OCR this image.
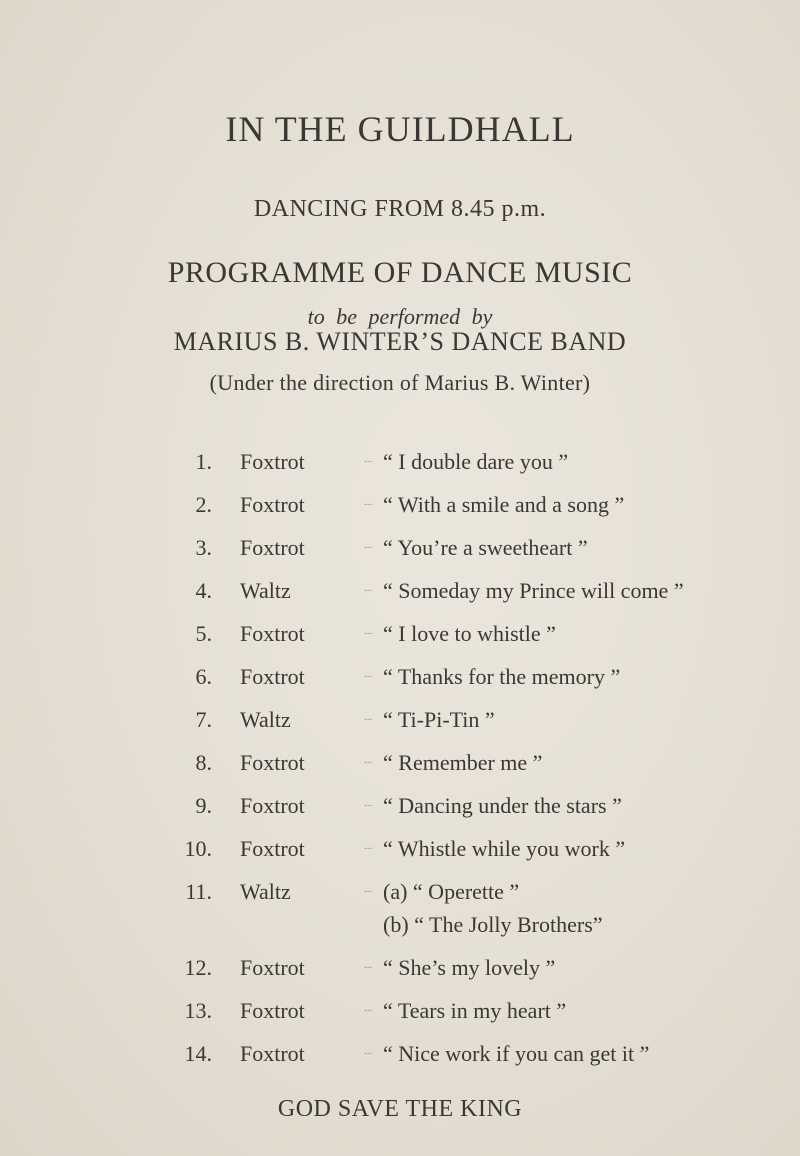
IN THE GUILDHALL
DANCING FROM 8.45 p.m.
PROGRAMME OF DANCE MUSIC
to be performed by
MARIUS B. WINTER’S DANCE BAND
(Under the direction of Marius B. Winter)
1. Foxtrot	... “ I double dare you ”
2. Foxtrot	... “ With a smile and a song ”
3. Foxtrot	... “ You’re a sweetheart ”
4. Waltz	... “ Someday my Prince will come ”
5. Foxtrot	... “ I love to whistle ”
6. Foxtrot	... “ Thanks for the memory ”
7. Waltz	... “ Ti-Pi-Tin ”
8. Foxtrot	... “ Remember me ”
9. Foxtrot	... “ Dancing under the stars ”
10. Foxtrot	... “ Whistle while you work ”
11. Waltz	... (a) “ Operette ”
(b) “ The Jolly Brothers”
12. Foxtrot	... “ She’s my lovely ”
13. Foxtrot	... “ Tears in my heart ”
14. Foxtrot	... “ Nice work if you can get it ”
GOD SAVE THE KING
